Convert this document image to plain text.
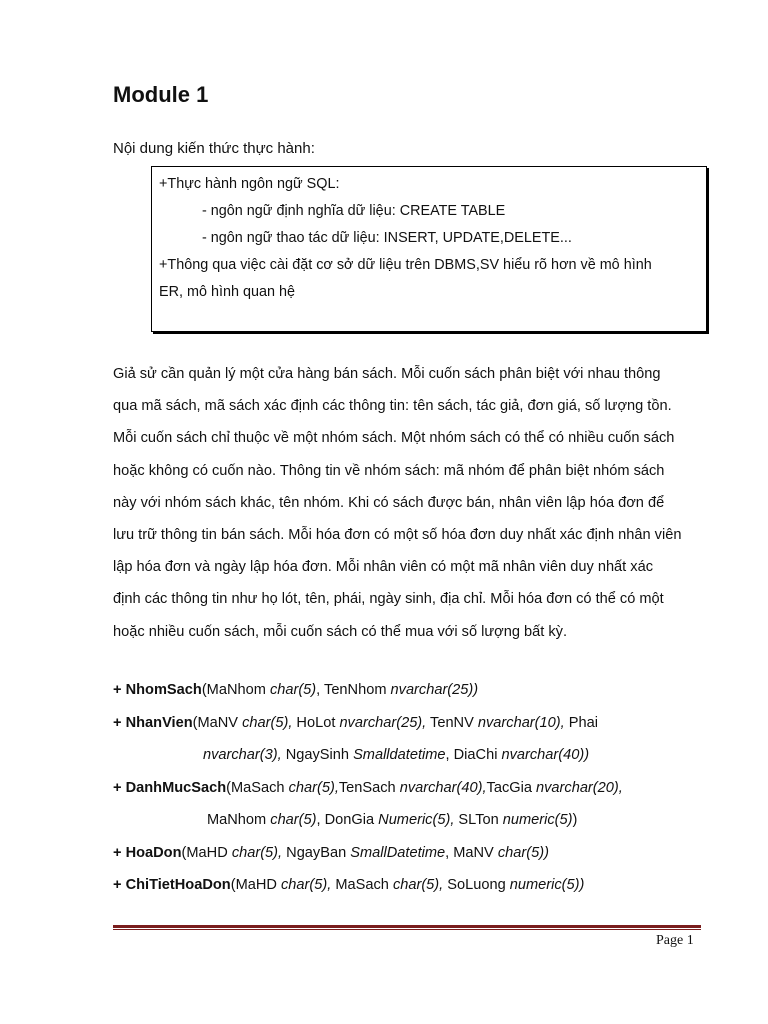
Module 1
Nội dung kiến thức thực hành:
+Thực hành ngôn ngữ SQL:
- ngôn ngữ định nghĩa dữ liệu: CREATE TABLE
- ngôn ngữ thao tác dữ liệu: INSERT, UPDATE,DELETE...
+Thông qua việc cài đặt cơ sở dữ liệu trên DBMS,SV hiểu rõ hơn về mô hình
ER, mô hình quan hệ
Giả sử cần quản lý một cửa hàng bán sách. Mỗi cuốn sách phân biệt với nhau thông
qua mã sách, mã sách xác định các thông tin: tên sách, tác giả, đơn giá, số lượng tồn.
Mỗi cuốn sách chỉ thuộc về một nhóm sách. Một nhóm sách có thể có nhiều cuốn sách
hoặc không có cuốn nào. Thông tin về nhóm sách: mã nhóm để phân biệt nhóm sách
này với nhóm sách khác, tên nhóm. Khi có sách được bán, nhân viên lập hóa đơn để
lưu trữ thông tin bán sách. Mỗi hóa đơn có một số hóa đơn duy nhất xác định nhân viên
lập hóa đơn và ngày lập hóa đơn. Mỗi nhân viên có một mã nhân viên duy nhất xác
định các thông tin như họ lót, tên, phái, ngày sinh, địa chỉ. Mỗi hóa đơn có thể có một
hoặc nhiều cuốn sách, mỗi cuốn sách có thể mua với số lượng bất kỳ.
+ NhomSach(MaNhom char(5), TenNhom nvarchar(25))
+ NhanVien(MaNV char(5), HoLot nvarchar(25), TenNV nvarchar(10), Phai
nvarchar(3), NgaySinh Smalldatetime, DiaChi nvarchar(40))
+ DanhMucSach(MaSach char(5),TenSach nvarchar(40),TacGia nvarchar(20),
MaNhom char(5), DonGia Numeric(5), SLTon numeric(5))
+ HoaDon(MaHD char(5), NgayBan SmallDatetime, MaNV char(5))
+ ChiTietHoaDon(MaHD char(5), MaSach char(5), SoLuong numeric(5))
Page 1
